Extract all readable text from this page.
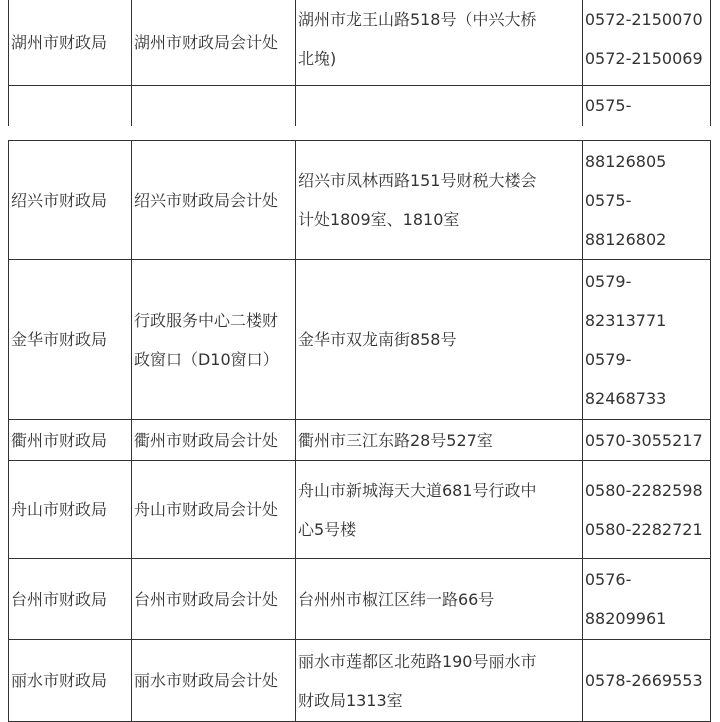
湖州市财政局	湖州市财政局会计处	湖州市龙王山路518号（中兴大桥
北堍)	0572-2150070
0572-2150069

			0575-
绍兴市财政局	绍兴市财政局会计处	绍兴市凤林西路151号财税大楼会
计处1809室、1810室	88126805
0575-
88126802

金华市财政局	行政服务中心二楼财
政窗口（D10窗口）	金华市双龙南街858号	0579-
82313771
0579-
82468733

衢州市财政局	衢州市财政局会计处	衢州市三江东路28号527室	0570-3055217

舟山市财政局	舟山市财政局会计处	舟山市新城海天大道681号行政中
心5号楼	0580-2282598
0580-2282721

台州市财政局	台州市财政局会计处	台州州市椒江区纬一路66号	0576-
88209961

丽水市财政局	丽水市财政局会计处	丽水市莲都区北苑路190号丽水市
财政局1313室	0578-2669553
